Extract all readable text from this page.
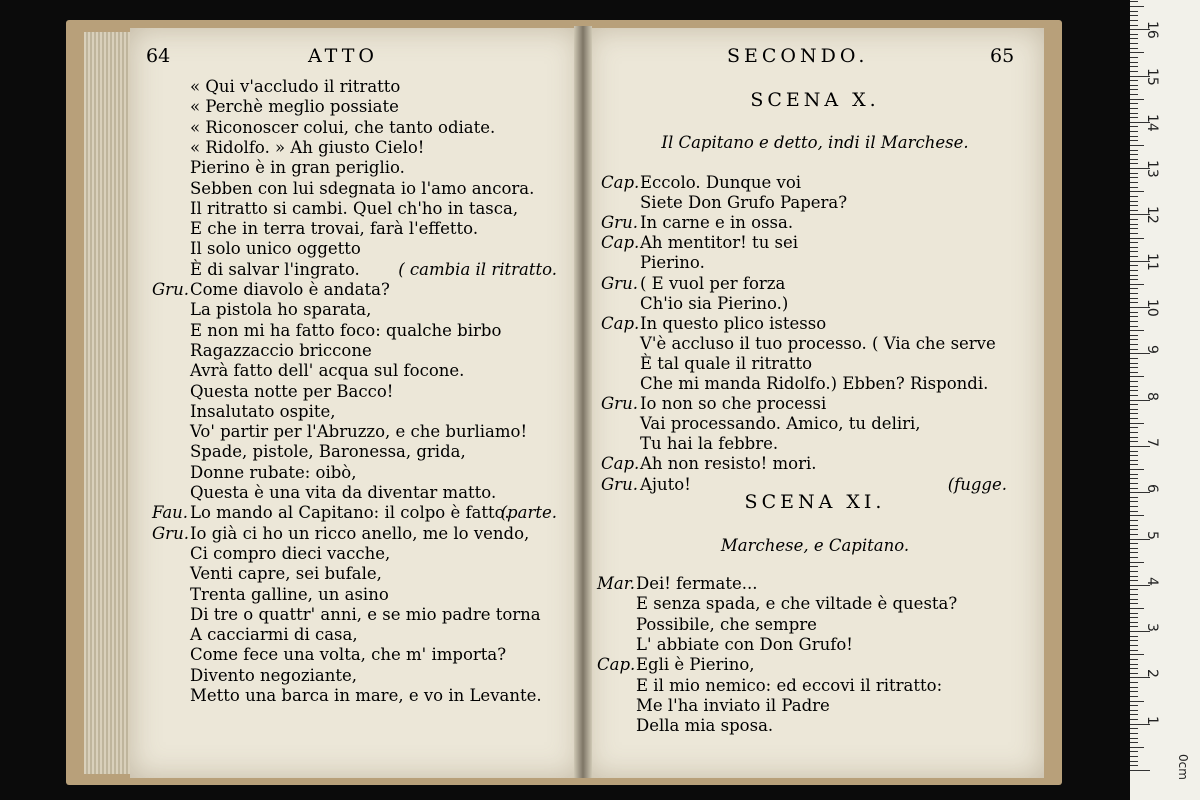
64	ATTO	SECONDO.	65

« Qui v'accludo il ritratto

« Perchè meglio possiate

« Riconoscer colui, che tanto odiate.

« Ridolfo. » Ah giusto Cielo!

Pierino è in gran periglio.

Sebben con lui sdegnata io l'amo ancora.

Il ritratto si cambi. Quel ch'ho in tasca,

E che in terra trovai, farà l'effetto.

Il solo unico oggetto

È di salvar l'ingrato. ( cambia il ritratto.

Gru. Come diavolo è andata?

La pistola ho sparata,

E non mi ha fatto foco: qualche birbo

Ragazzaccio briccone

Avrà fatto dell' acqua sul focone.

Questa notte per Bacco!

Insalutato ospite,

Vo' partir per l'Abruzzo, e che burliamo!

Spade, pistole, Baronessa, grida,

Donne rubate: oibò,

Questa è una vita da diventar matto.

Fau. Lo mando al Capitano: il colpo è fatto.

(parte.

Gru. Io già ci ho un ricco anello, me lo vendo,

Ci compro dieci vacche,

Venti capre, sei bufale,

Trenta galline, un asino

Di tre o quattr' anni, e se mio padre torna

A cacciarmi di casa,

Come fece una volta, che m' importa?

Divento negoziante,

Metto una barca in mare, e vo in Levante.

SCENA X.

Il Capitano e detto, indi il Marchese.

Cap. Eccolo. Dunque voi

Siete Don Grufo Papera?

Gru. In carne e in ossa.

Cap. Ah mentitor! tu sei

Pierino.

Gru. ( E vuol per forza

Ch'io sia Pierino.)

Cap. In questo plico istesso

V'è accluso il tuo processo. ( Via che serve

È tal quale il ritratto

Che mi manda Ridolfo.) Ebben? Rispondi.

Gru. Io non so che processi

Vai processando. Amico, tu deliri,

Tu hai la febbre.

Cap. Ah non resisto! mori.

Gru. Ajuto!	(fugge.

SCENA XI.

Marchese, e Capitano.

Mar. Dei! fermate...

E senza spada, e che viltade è questa?

Possibile, che sempre

L' abbiate con Don Grufo!

Cap. Egli è Pierino,

E il mio nemico: ed eccovi il ritratto:

Me l'ha inviato il Padre

Della mia sposa.

16
15
14
13
12
11
10
9
8
7
6
5
4
3
2
1
0cm
